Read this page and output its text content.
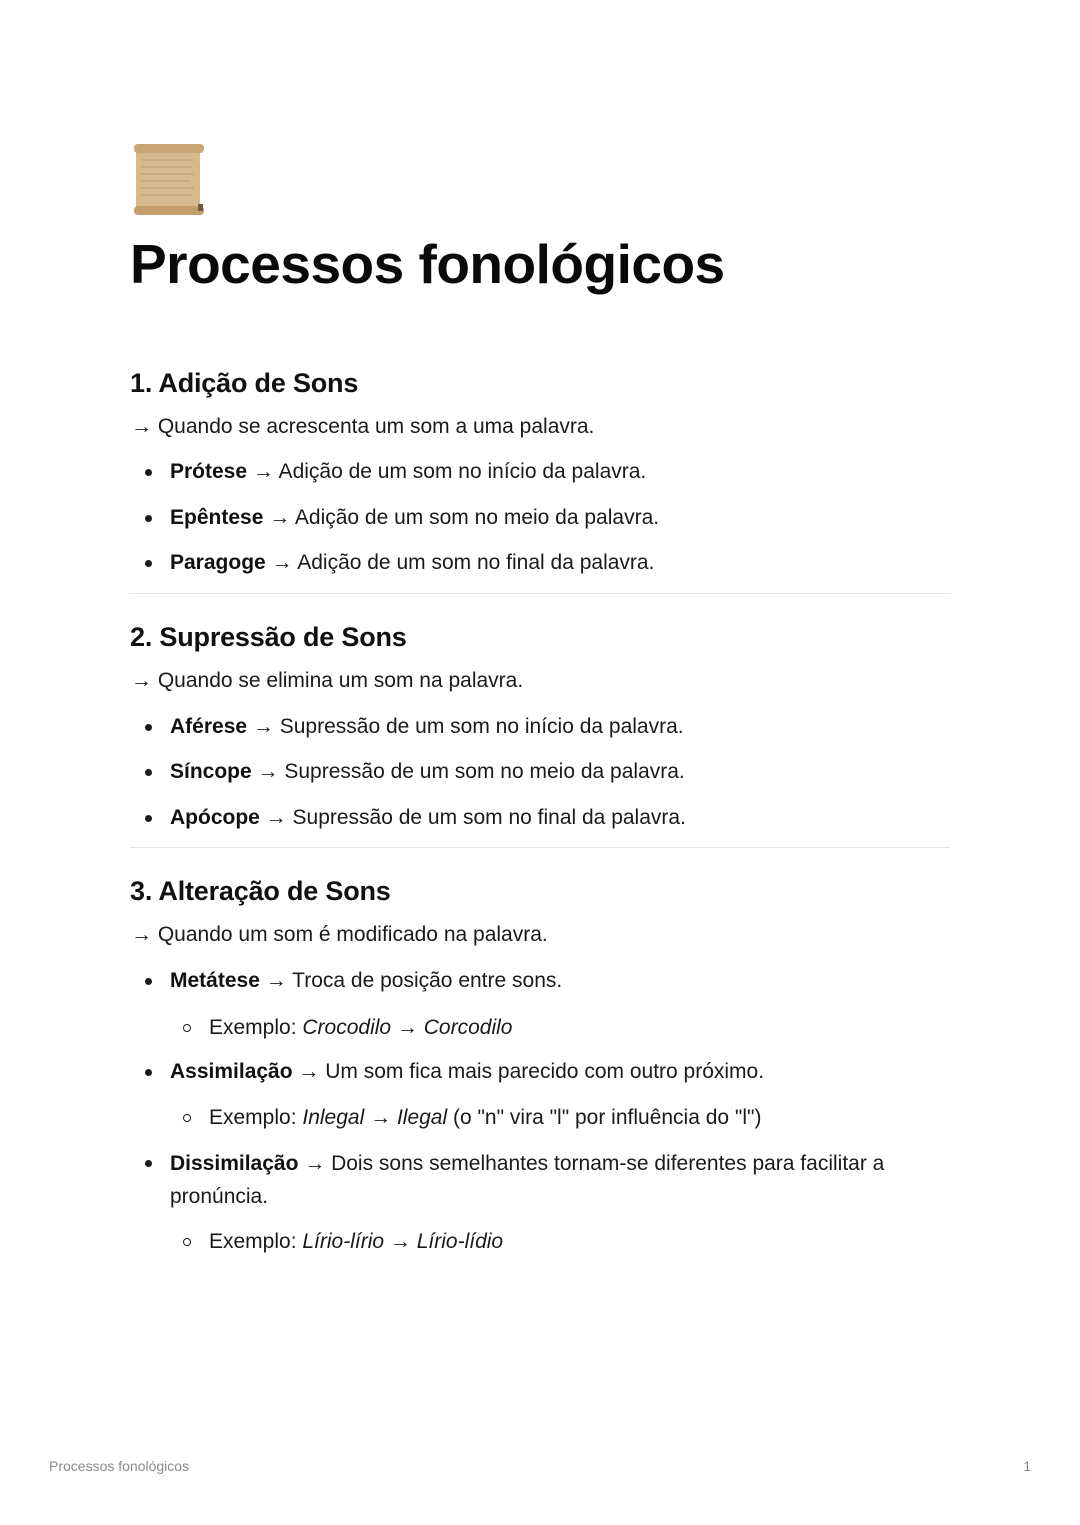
Processos fonológicos
1. Adição de Sons
→ Quando se acrescenta um som a uma palavra.
Prótese → Adição de um som no início da palavra.
Epêntese → Adição de um som no meio da palavra.
Paragoge → Adição de um som no final da palavra.
2. Supressão de Sons
→ Quando se elimina um som na palavra.
Aférese → Supressão de um som no início da palavra.
Síncope → Supressão de um som no meio da palavra.
Apócope → Supressão de um som no final da palavra.
3. Alteração de Sons
→ Quando um som é modificado na palavra.
Metátese → Troca de posição entre sons.
Exemplo: Crocodilo → Corcodilo
Assimilação → Um som fica mais parecido com outro próximo.
Exemplo: Inlegal → Ilegal (o "n" vira "l" por influência do "l")
Dissimilação → Dois sons semelhantes tornam-se diferentes para facilitar a pronúncia.
Exemplo: Lírio-lírio → Lírio-lídio
Processos fonológicos	1
